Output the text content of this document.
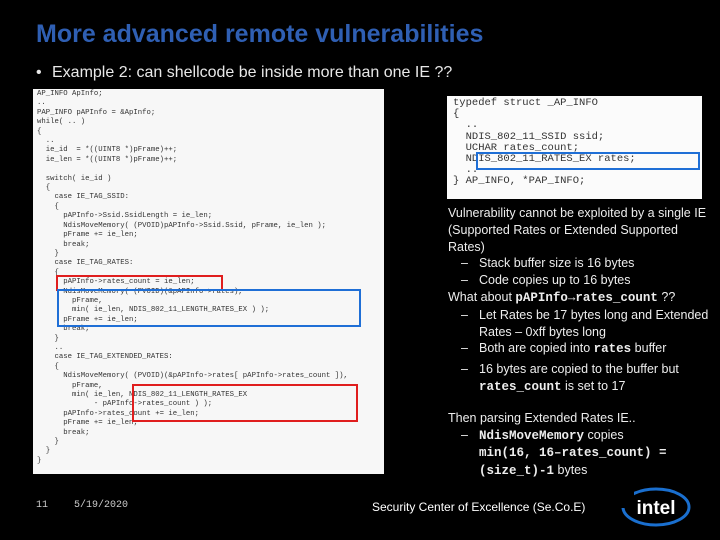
More advanced remote vulnerabilities
• Example 2: can shellcode be inside more than one IE ??
AP_INFO ApInfo;
..
PAP_INFO pAPInfo = &ApInfo;
while( .. )
{
..
ie_id  = *((UINT8 *)pFrame)++;
ie_len = *((UINT8 *)pFrame)++;

switch( ie_id )
{
case IE_TAG_SSID:
{
pAPInfo->Ssid.SsidLength = ie_len;
NdisMoveMemory( (PVOID)pAPInfo->Ssid.Ssid, pFrame, ie_len );
pFrame += ie_len;
break;
}
case IE_TAG_RATES:
{
pAPInfo->rates_count = ie_len;
NdisMoveMemory( (PVOID)(&pAPInfo->rates),
pFrame,
min( ie_len, NDIS_802_11_LENGTH_RATES_EX ) );
pFrame += ie_len;
break;
}
..
case IE_TAG_EXTENDED_RATES:
{
NdisMoveMemory( (PVOID)(&pAPInfo->rates[ pAPInfo->rates_count ]),
pFrame,
min( ie_len, NDIS_802_11_LENGTH_RATES_EX
- pAPInfo->rates_count ) );
pAPInfo->rates_count += ie_len;
pFrame += ie_len;
break;
}
}
}
typedef struct _AP_INFO
{
..
NDIS_802_11_SSID ssid;
UCHAR rates_count;
NDIS_802_11_RATES_EX rates;
..
} AP_INFO, *PAP_INFO;

Vulnerability cannot be exploited by a single IE (Supported Rates or Extended Supported Rates)

– Stack buffer size is 16 bytes
– Code copies up to 16 bytes

What about pAPInfo→rates_count ??

– Let Rates be 17 bytes long and Extended Rates – 0xff bytes long
– Both are copied into rates buffer
– 16 bytes are copied to the buffer but rates_count is set to 17

Then parsing Extended Rates IE..

– NdisMoveMemory copies
min(16, 16–rates_count) = (size_t)-1 bytes
11	5/19/2020	Security Center of Excellence (Se.Co.E)	intel
